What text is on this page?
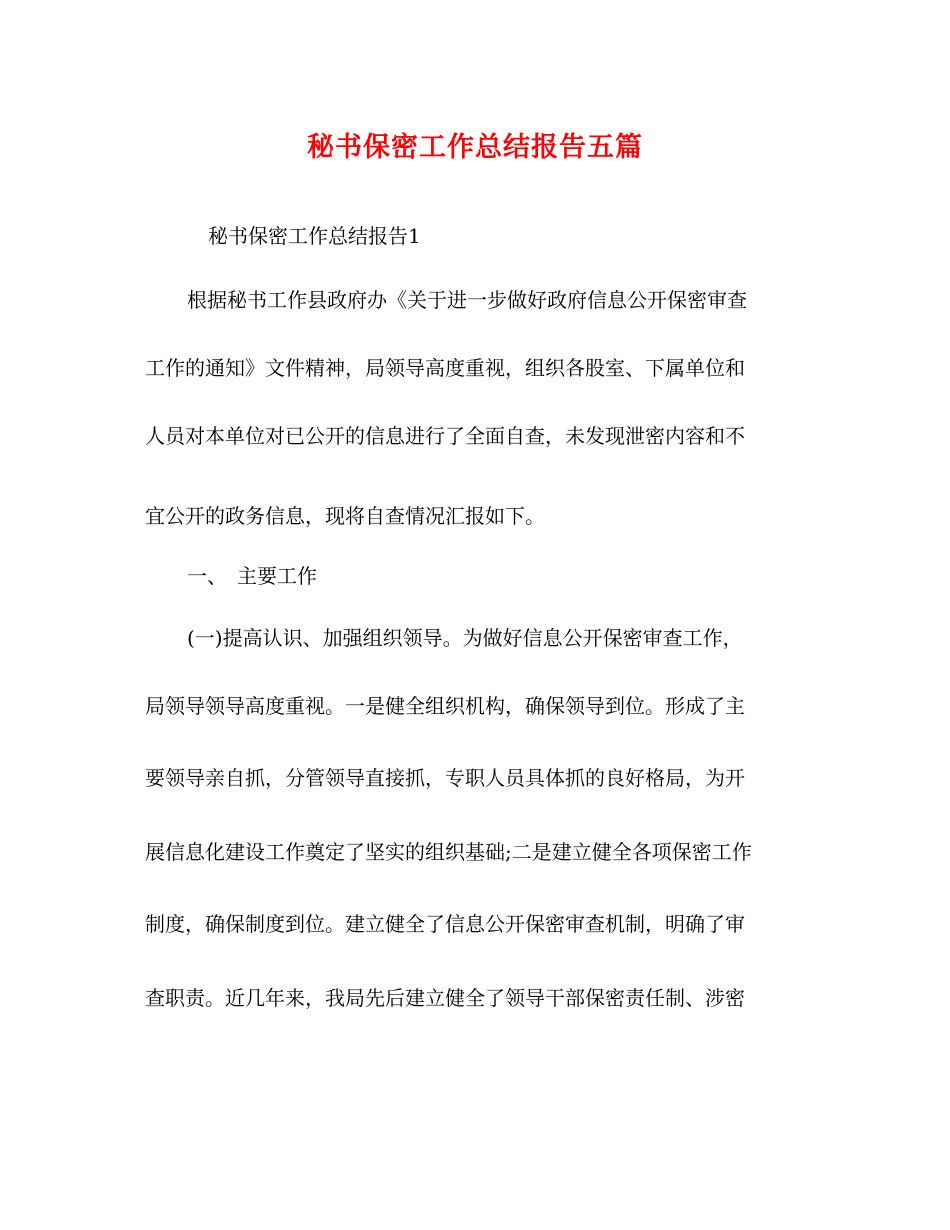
秘书保密工作总结报告五篇
秘书保密工作总结报告1
根据秘书工作县政府办《关于进一步做好政府信息公开保密审查
工作的通知》文件精神，局领导高度重视，组织各股室、下属单位和
人员对本单位对已公开的信息进行了全面自查，未发现泄密内容和不
宜公开的政务信息，现将自查情况汇报如下。
一、　主要工作
(一)提高认识、加强组织领导。为做好信息公开保密审查工作，
局领导领导高度重视。一是健全组织机构，确保领导到位。形成了主
要领导亲自抓，分管领导直接抓，专职人员具体抓的良好格局，为开
展信息化建设工作奠定了坚实的组织基础;二是建立健全各项保密工作
制度，确保制度到位。建立健全了信息公开保密审查机制，明确了审
查职责。近几年来，我局先后建立健全了领导干部保密责任制、涉密
